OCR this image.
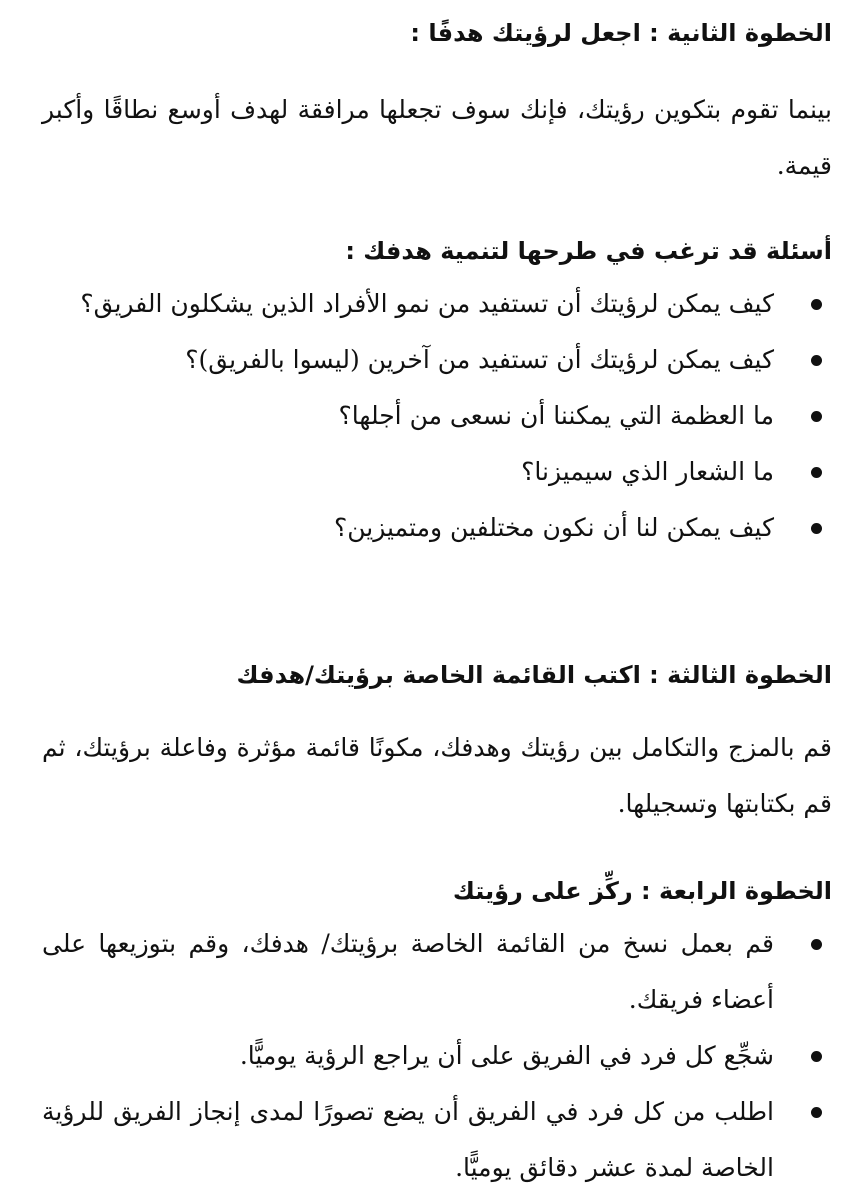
الخطوة الثانية : اجعل لرؤيتك هدفًا :

بينما تقوم بتكوين رؤيتك، فإنك سوف تجعلها مرافقة لهدف أوسع نطاقًا وأكبر قيمة.

أسئلة قد ترغب في طرحها لتنمية هدفك :
كيف يمكن لرؤيتك أن تستفيد من نمو الأفراد الذين يشكلون الفريق؟
كيف يمكن لرؤيتك أن تستفيد من آخرين (ليسوا بالفريق)؟
ما العظمة التي يمكننا أن نسعى من أجلها؟
ما الشعار الذي سيميزنا؟
كيف يمكن لنا أن نكون مختلفين ومتميزين؟
الخطوة الثالثة : اكتب القائمة الخاصة برؤيتك/هدفك

قم بالمزج والتكامل بين رؤيتك وهدفك، مكونًا قائمة مؤثرة وفاعلة برؤيتك، ثم قم بكتابتها وتسجيلها.

الخطوة الرابعة : ركِّز على رؤيتك
قم بعمل نسخ من القائمة الخاصة برؤيتك/ هدفك، وقم بتوزيعها على أعضاء فريقك.
شجِّع كل فرد في الفريق على أن يراجع الرؤية يوميًّا.
اطلب من كل فرد في الفريق أن يضع تصورًا لمدى إنجاز الفريق للرؤية الخاصة لمدة عشر دقائق يوميًّا.
